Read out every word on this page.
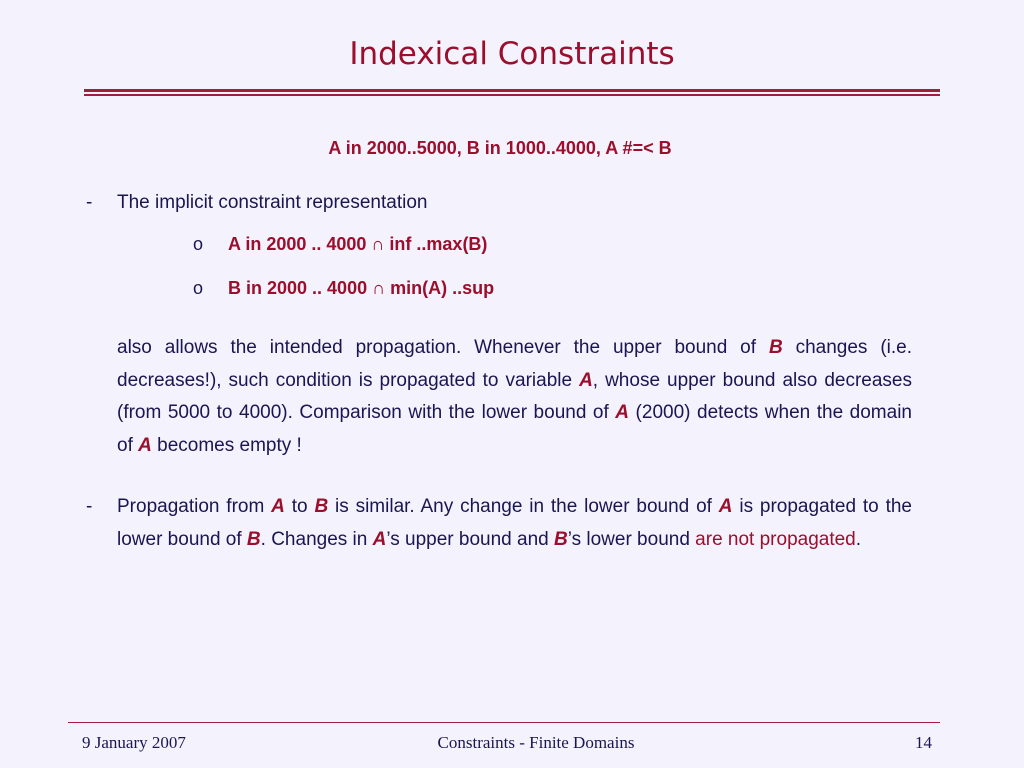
Indexical Constraints
A in 2000..5000, B in 1000..4000, A #=< B
- The implicit constraint representation
o A in 2000 .. 4000 ∩ inf ..max(B)
o B in 2000 .. 4000 ∩ min(A) ..sup

also allows the intended propagation. Whenever the upper bound of B changes (i.e. decreases!), such condition is propagated to variable A, whose upper bound also decreases (from 5000 to 4000). Comparison with the lower bound of A (2000) detects when the domain of A becomes empty !

- Propagation from A to B is similar. Any change in the lower bound of A is propagated to the lower bound of B. Changes in A’s upper bound and B’s lower bound are not propagated.

9 January 2007	Constraints - Finite Domains	14
